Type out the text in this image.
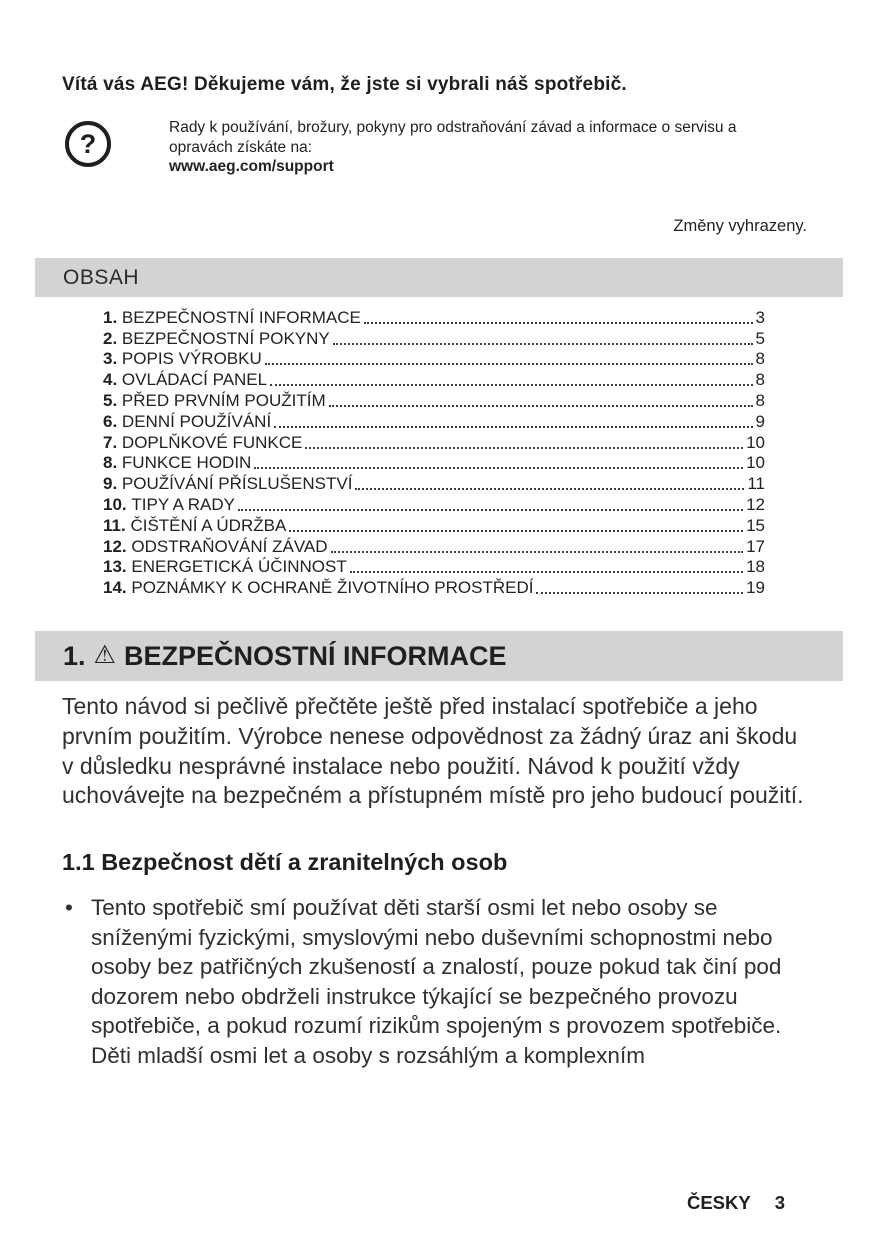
Vítá vás AEG! Děkujeme vám, že jste si vybrali náš spotřebič.
?
Rady k používání, brožury, pokyny pro odstraňování závad a informace o servisu a opravách získáte na:
www.aeg.com/support
Změny vyhrazeny.
OBSAH
1. BEZPEČNOSTNÍ INFORMACE	3
2. BEZPEČNOSTNÍ POKYNY	5
3. POPIS VÝROBKU	8
4. OVLÁDACÍ PANEL	8
5. PŘED PRVNÍM POUŽITÍM	8
6. DENNÍ POUŽÍVÁNÍ	9
7. DOPLŇKOVÉ FUNKCE	10
8. FUNKCE HODIN	10
9. POUŽÍVÁNÍ PŘÍSLUŠENSTVÍ	11
10. TIPY A RADY	12
11. ČIŠTĚNÍ A ÚDRŽBA	15
12. ODSTRAŇOVÁNÍ ZÁVAD	17
13. ENERGETICKÁ ÚČINNOST	18
14. POZNÁMKY K OCHRANĚ ŽIVOTNÍHO PROSTŘEDÍ	19
1. ⚠ BEZPEČNOSTNÍ INFORMACE
Tento návod si pečlivě přečtěte ještě před instalací spotřebiče a jeho prvním použitím. Výrobce nenese odpovědnost za žádný úraz ani škodu v důsledku nesprávné instalace nebo použití. Návod k použití vždy uchovávejte na bezpečném a přístupném místě pro jeho budoucí použití.
1.1 Bezpečnost dětí a zranitelných osob
• Tento spotřebič smí používat děti starší osmi let nebo osoby se sníženými fyzickými, smyslovými nebo duševními schopnostmi nebo osoby bez patřičných zkušeností a znalostí, pouze pokud tak činí pod dozorem nebo obdrželi instrukce týkající se bezpečného provozu spotřebiče, a pokud rozumí rizikům spojeným s provozem spotřebiče. Děti mladší osmi let a osoby s rozsáhlým a komplexním
ČESKY 3
